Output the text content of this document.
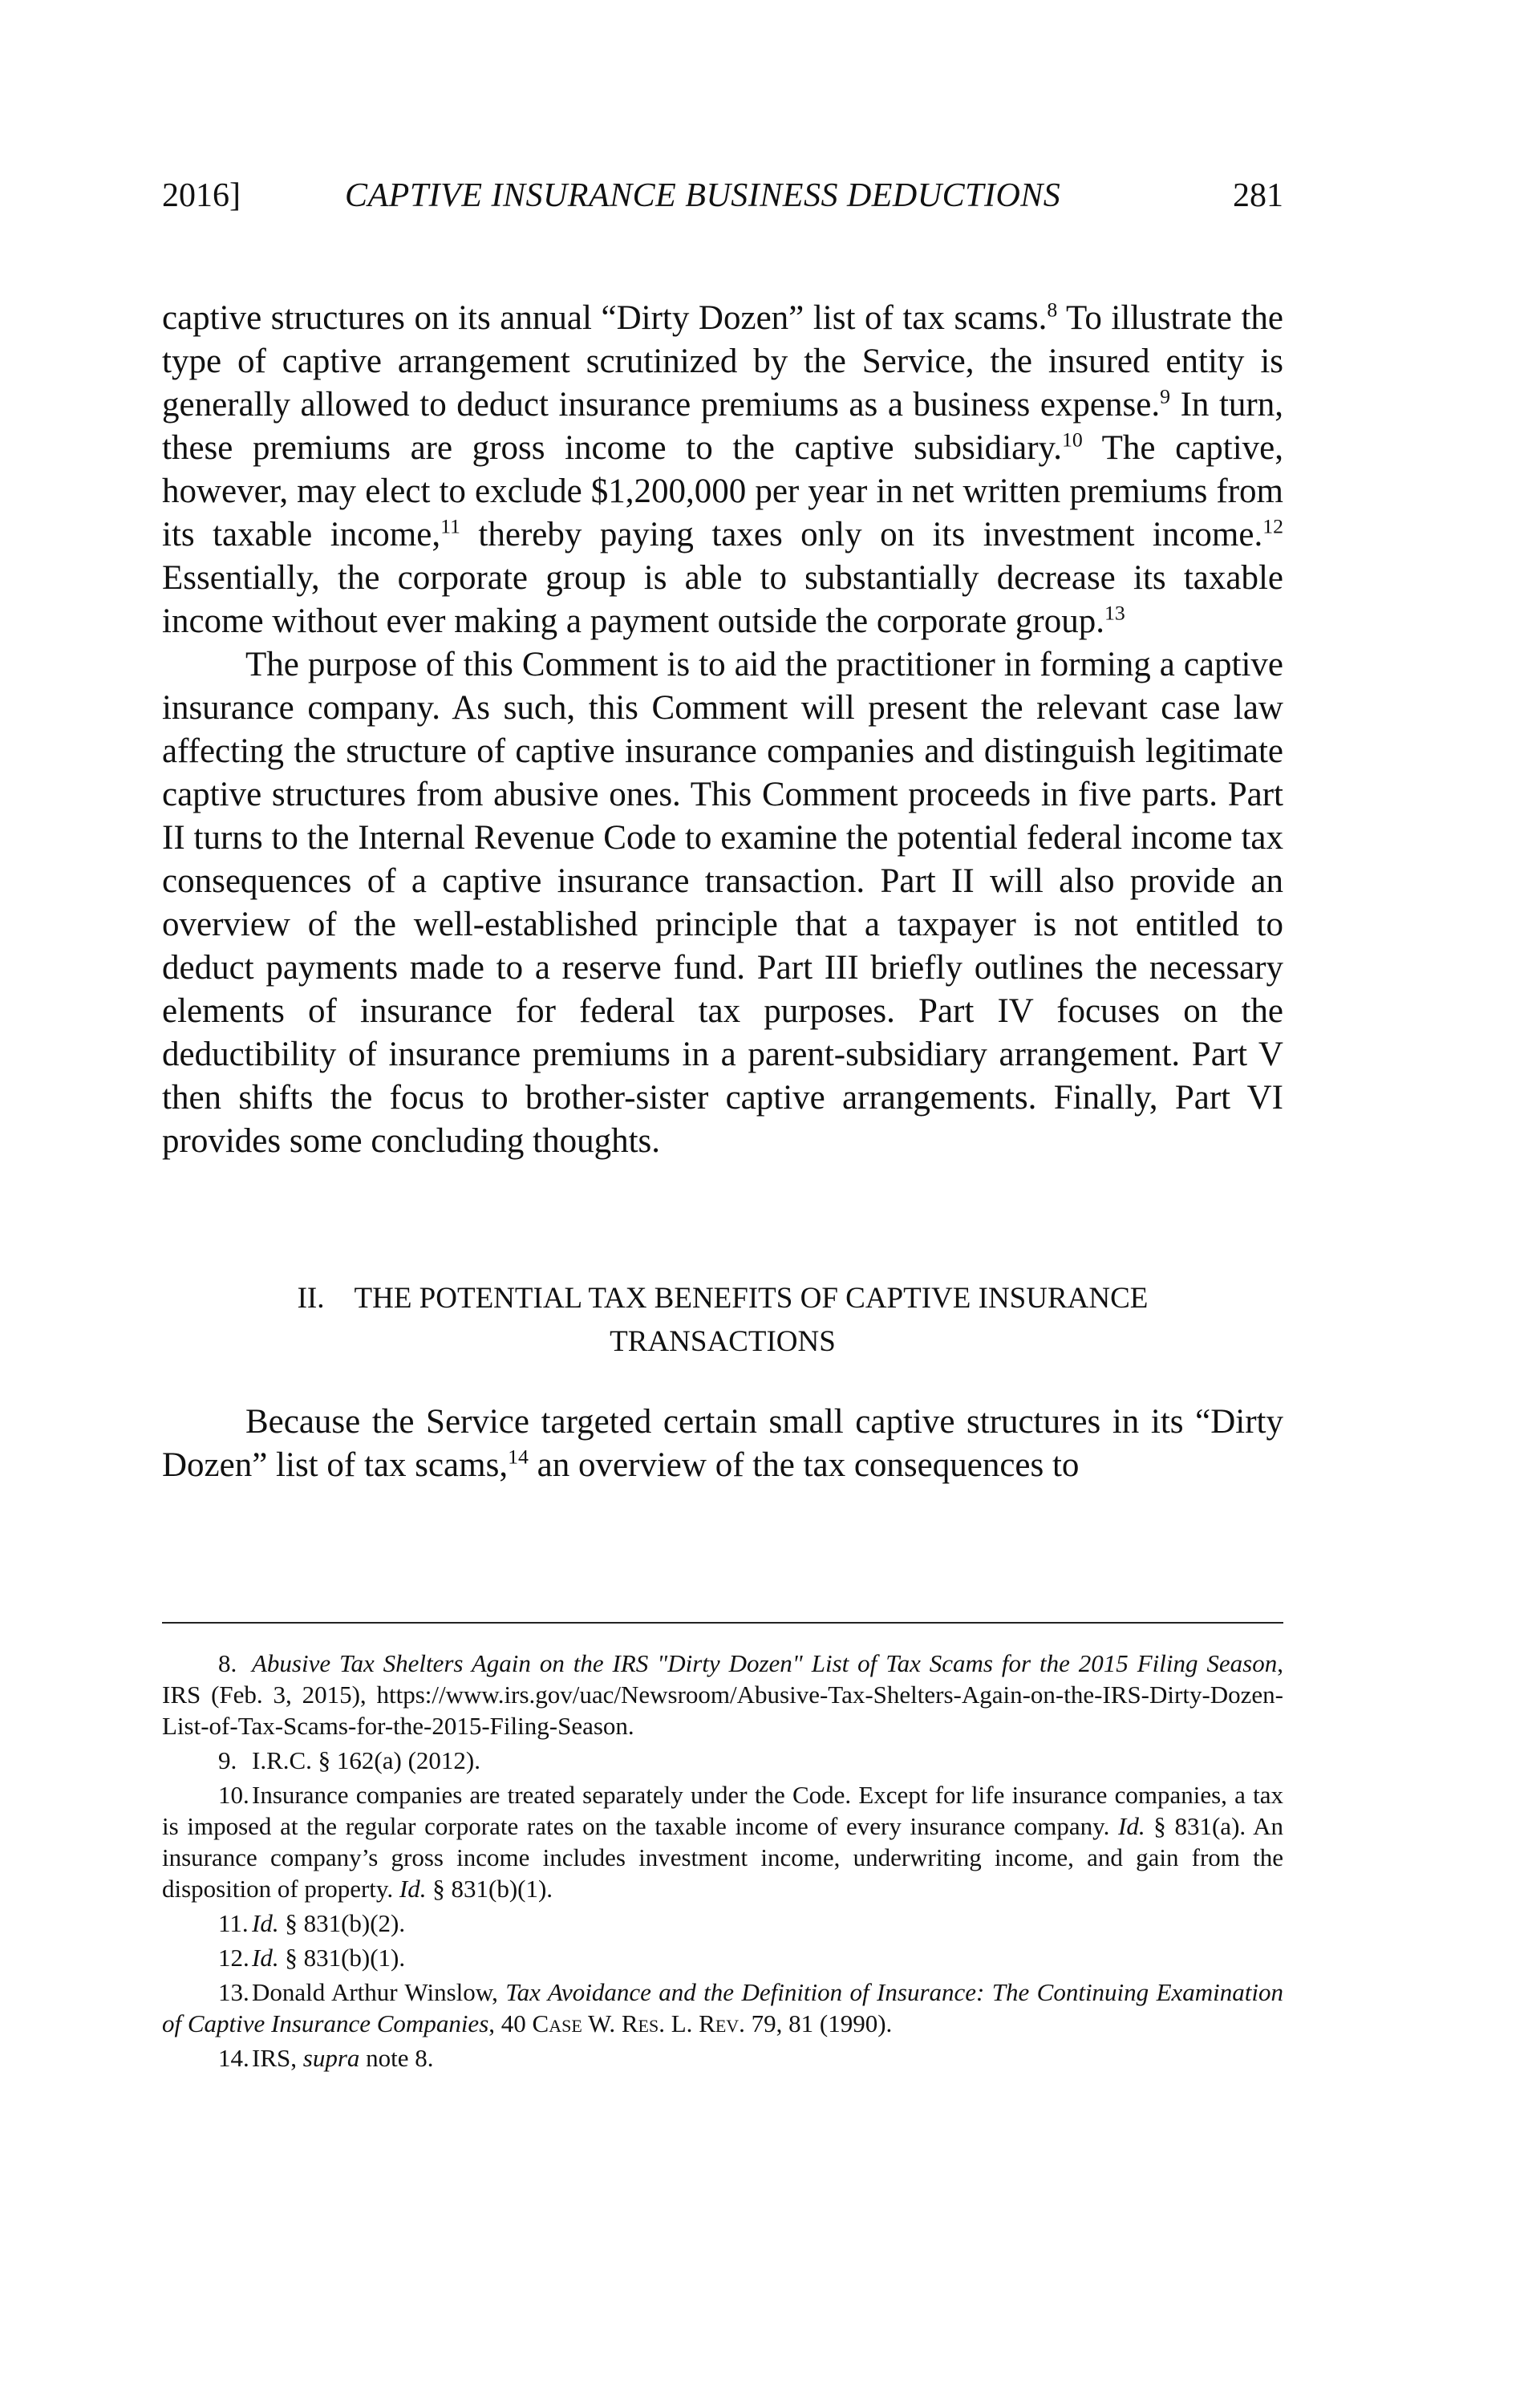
2016]	CAPTIVE INSURANCE BUSINESS DEDUCTIONS	281

captive structures on its annual “Dirty Dozen” list of tax scams.$^8$ To illustrate the type of captive arrangement scrutinized by the Service, the insured entity is generally allowed to deduct insurance premiums as a business expense.$^9$ In turn, these premiums are gross income to the captive subsidiary.$^{10}$ The captive, however, may elect to exclude $1,200,000 per year in net written premiums from its taxable income,$^{11}$ thereby paying taxes only on its investment income.$^{12}$ Essentially, the corporate group is able to substantially decrease its taxable income without ever making a payment outside the corporate group.$^{13}$

The purpose of this Comment is to aid the practitioner in forming a captive insurance company. As such, this Comment will present the relevant case law affecting the structure of captive insurance companies and distinguish legitimate captive structures from abusive ones. This Comment proceeds in five parts. Part II turns to the Internal Revenue Code to examine the potential federal income tax consequences of a captive insurance transaction. Part II will also provide an overview of the well-established principle that a taxpayer is not entitled to deduct payments made to a reserve fund. Part III briefly outlines the necessary elements of insurance for federal tax purposes. Part IV focuses on the deductibility of insurance premiums in a parent-subsidiary arrangement. Part V then shifts the focus to brother-sister captive arrangements. Finally, Part VI provides some concluding thoughts.

II. THE POTENTIAL TAX BENEFITS OF CAPTIVE INSURANCE
TRANSACTIONS

Because the Service targeted certain small captive structures in its “Dirty Dozen” list of tax scams,$^{14}$ an overview of the tax consequences to

8. Abusive Tax Shelters Again on the IRS "Dirty Dozen" List of Tax Scams for the 2015 Filing Season, IRS (Feb. 3, 2015), https://www.irs.gov/uac/Newsroom/Abusive-Tax-Shelters-Again-on-the-IRS-Dirty-Dozen-List-of-Tax-Scams-for-the-2015-Filing-Season.

9. I.R.C. § 162(a) (2012).

10. Insurance companies are treated separately under the Code. Except for life insurance companies, a tax is imposed at the regular corporate rates on the taxable income of every insurance company. Id. § 831(a). An insurance company’s gross income includes investment income, underwriting income, and gain from the disposition of property. Id. § 831(b)(1).

11. Id. § 831(b)(2).

12. Id. § 831(b)(1).

13. Donald Arthur Winslow, Tax Avoidance and the Definition of Insurance: The Continuing Examination of Captive Insurance Companies, 40 Case W. Res. L. Rev. 79, 81 (1990).

14. IRS, supra note 8.
